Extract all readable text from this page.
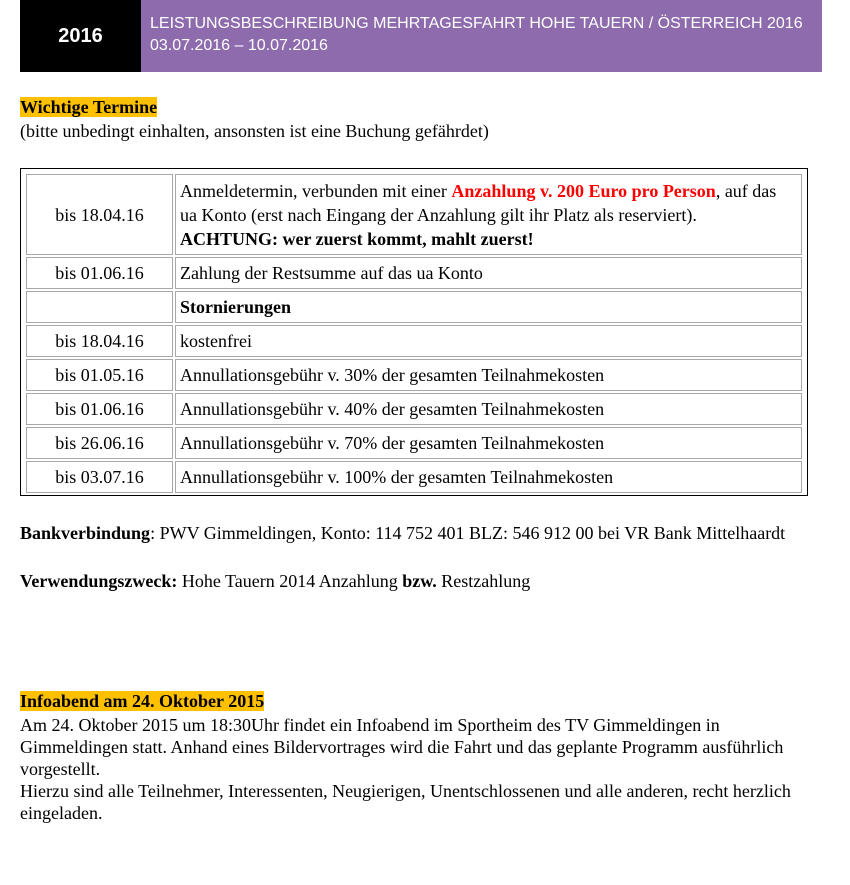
2016
LEISTUNGSBESCHREIBUNG MEHRTAGESFAHRT HOHE TAUERN / ÖSTERREICH 2016
03.07.2016 – 10.07.2016
Wichtige Termine
(bitte unbedingt einhalten, ansonsten ist eine Buchung gefährdet)
bis 18.04.16	Anmeldetermin, verbunden mit einer Anzahlung v. 200 Euro pro Person, auf das ua Konto (erst nach Eingang der Anzahlung gilt ihr Platz als reserviert). ACHTUNG: wer zuerst kommt, mahlt zuerst!
bis 01.06.16	Zahlung der Restsumme auf das ua Konto
	Stornierungen
bis 18.04.16	kostenfrei
bis 01.05.16	Annullationsgebühr v. 30% der gesamten Teilnahmekosten
bis 01.06.16	Annullationsgebühr v. 40% der gesamten Teilnahmekosten
bis 26.06.16	Annullationsgebühr v. 70% der gesamten Teilnahmekosten
bis 03.07.16	Annullationsgebühr v. 100% der gesamten Teilnahmekosten
Bankverbindung: PWV Gimmeldingen, Konto: 114 752 401 BLZ: 546 912 00 bei VR Bank Mittelhaardt
Verwendungszweck: Hohe Tauern 2014 Anzahlung bzw. Restzahlung
Infoabend am 24. Oktober 2015
Am 24. Oktober 2015 um 18:30Uhr findet ein Infoabend im Sportheim des TV Gimmeldingen in Gimmeldingen statt. Anhand eines Bildervortrages wird die Fahrt und das geplante Programm ausführlich vorgestellt.
Hierzu sind alle Teilnehmer, Interessenten, Neugierigen, Unentschlossenen und alle anderen, recht herzlich eingeladen.
